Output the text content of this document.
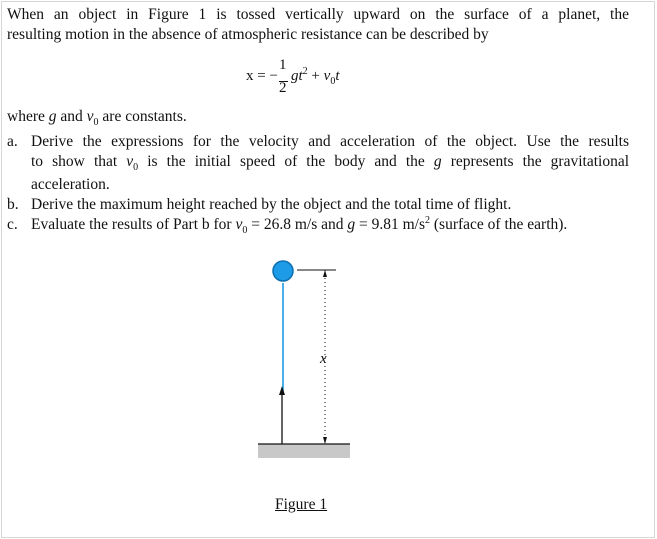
When an object in Figure 1 is tossed vertically upward on the surface of a planet, the
resulting motion in the absence of atmospheric resistance can be described by
x = −
1
2
$gt^2 + v_0t$
where g and $v_0$ are constants.
a. Derive the expressions for the velocity and acceleration of the object. Use the results
to show that $v_0$ is the initial speed of the body and the g represents the gravitational
acceleration.
b. Derive the maximum height reached by the object and the total time of flight.
c. Evaluate the results of Part b for $v_0 = 26.8$ m/s and g = 9.81 $m/s^2$ (surface of the earth).
x
Figure 1
